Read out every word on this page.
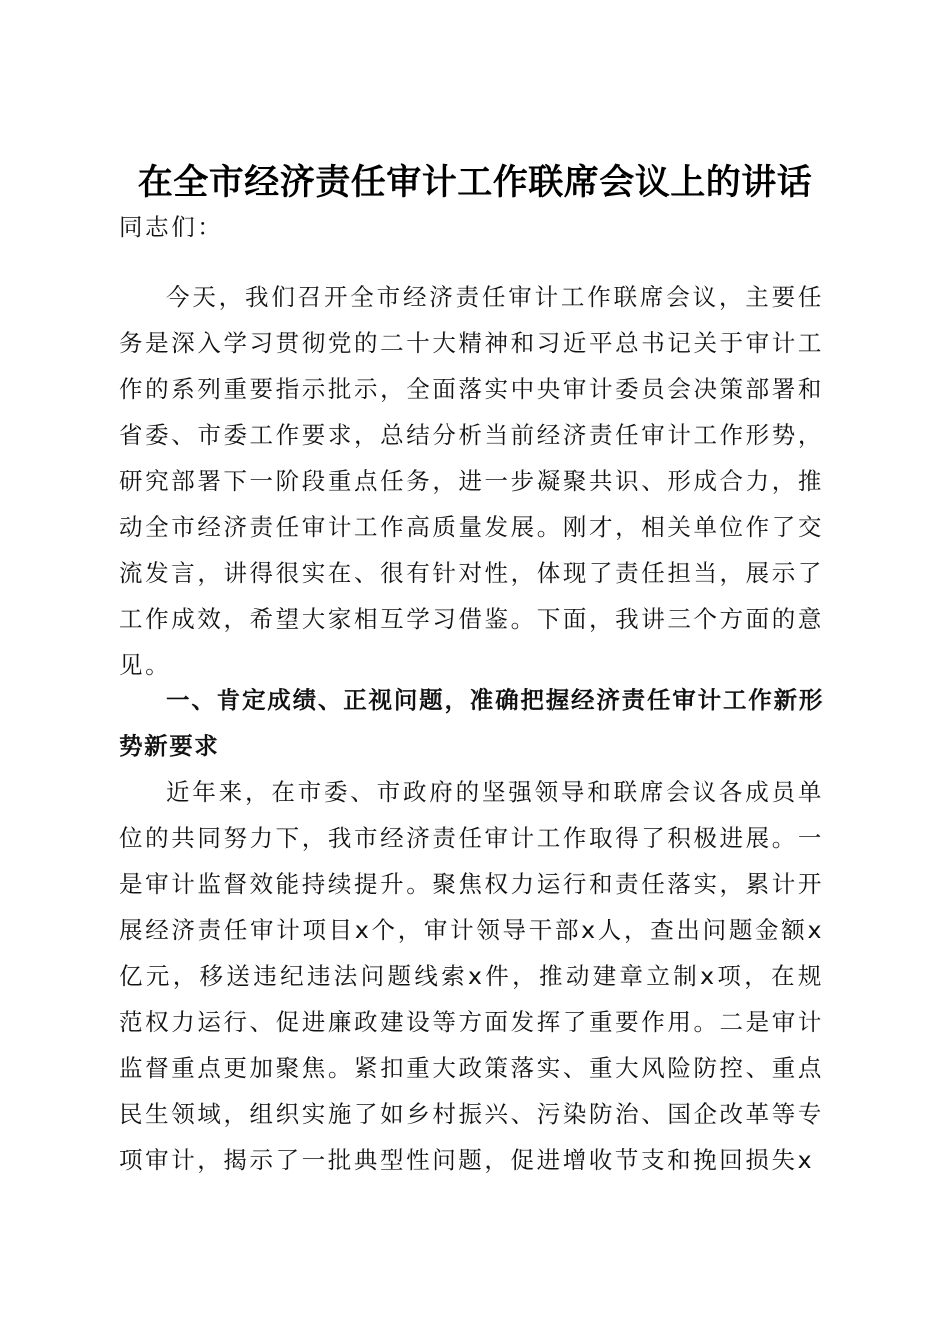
在全市经济责任审计工作联席会议上的讲话

同志们：

今天，我们召开全市经济责任审计工作联席会议，主要任务是深入学习贯彻党的二十大精神和习近平总书记关于审计工作的系列重要指示批示，全面落实中央审计委员会决策部署和省委、市委工作要求，总结分析当前经济责任审计工作形势，研究部署下一阶段重点任务，进一步凝聚共识、形成合力，推动全市经济责任审计工作高质量发展。刚才，相关单位作了交流发言，讲得很实在、很有针对性，体现了责任担当，展示了工作成效，希望大家相互学习借鉴。下面，我讲三个方面的意见。

一、肯定成绩、正视问题，准确把握经济责任审计工作新形势新要求

近年来，在市委、市政府的坚强领导和联席会议各成员单位的共同努力下，我市经济责任审计工作取得了积极进展。一是审计监督效能持续提升。聚焦权力运行和责任落实，累计开展经济责任审计项目x个，审计领导干部x人，查出问题金额x亿元，移送违纪违法问题线索x件，推动建章立制x项，在规范权力运行、促进廉政建设等方面发挥了重要作用。二是审计监督重点更加聚焦。紧扣重大政策落实、重大风险防控、重点民生领域，组织实施了如乡村振兴、污染防治、国企改革等专项审计，揭示了一批典型性问题，促进增收节支和挽回损失x
